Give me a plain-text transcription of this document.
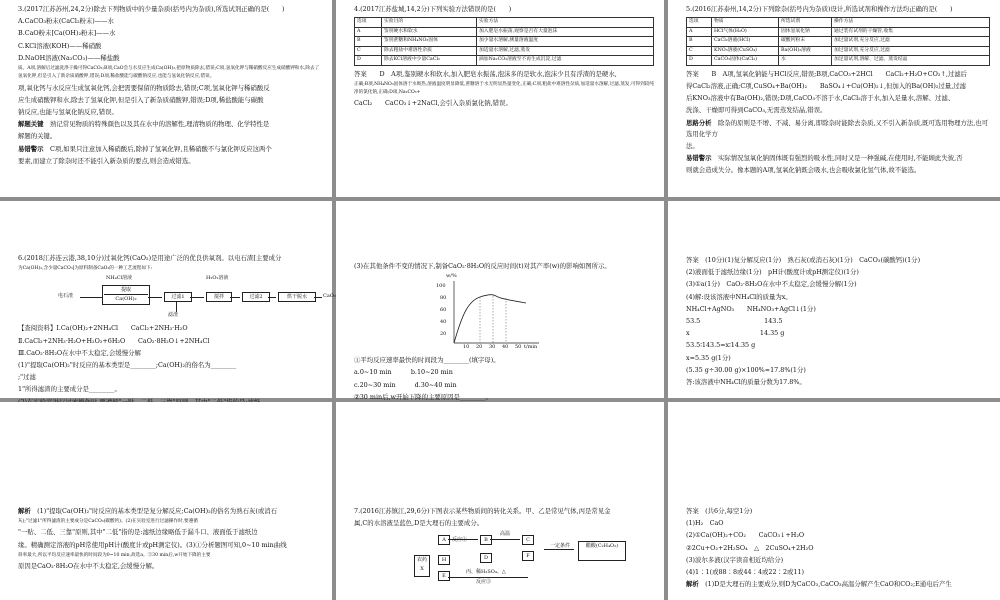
3.(2017江苏苏州,24,2分)除去下列物质中的少量杂质(括号内为杂质),所选试剂正确的是(　　)

A.CaCO₃粉末(CaCl₂粉末)——水

B.CaO粉末[Ca(OH)₂粉末]——水

C.KCl溶液(KOH)——稀硝酸

D.NaOH溶液(Na₂CO₃)——稀盐酸

质。A项,溶解后过滤洗涤干燥可得CaCO₃;B项,CaO会与水反应生成Ca(OH)₂,把原物质除去,错误;C项,氢氧化钾与稀硝酸反应生成硝酸钾和水,除去了氢氧化钾,但是引入了新杂质硝酸钾,错误;D项,稀盐酸能与碳酸钠反应,也能与氢氧化钠反应,错误。

项,氧化钙与水反应生成氢氧化钙,会把需要保留的物质除去,错误;C项,氢氧化钾与稀硝酸反

应生成硝酸钾和水,除去了氢氧化钾,但是引入了新杂质硝酸钾,错误;D项,稀盐酸能与碳酸

钠反应,也能与氢氧化钠反应,错误。

解题关键　 熟记常见物质的特殊颜色以及其在水中的溶解性,理清物质的物理、化学特性是

解题的关键。

易错警示　 C项,如果只注意加入稀硝酸后,除掉了氢氧化钾,且稀硝酸不与氯化钾反应这两个

要素,而建立了除杂时还不能引入新杂质的要点,则会造成错选。

4.(2017江苏盐城,14,2分)下列实验方法错误的是(　　)

选项	实验目的	实验方法
A	鉴别硬水和软水	加入肥皂水振荡,观察是否有大量泡沫
B	鉴别蔗糖和NH₄NO₃固体	加少量水溶解,测量溶液温度
C	除去粗盐中难溶性杂质	加适量水溶解,过滤,蒸发
D	除去KCl溶液中少量CaCl₂	滴加Na₂CO₃溶液至不再生成沉淀,过滤

答案　　D　A项,鉴别硬水和软水,加入肥皂水振荡,泡沫多的是软水,泡沫少且有浮渣的是硬水,

正确;B项,NH₄NO₃固体溶于水吸热,溶液温度明显降低,蔗糖溶于水无明显热量变化,正确;C项,粗盐中难溶性杂质,加适量水溶解,过滤,蒸发,可得到较纯净的氯化钠,正确;D项,Na₂CO₃+

CaCl₂　　CaCO₃↓+2NaCl,会引入杂质氯化钠,错误。

5.(2016江苏泰州,14,2分)下列除杂(括号内为杂质)设计,所选试剂和操作方法均正确的是(　　)

选项	物质	所选试剂	操作方法
A	HCl气体(H₂O)	固体氢氧化钠	通过装有试剂的干燥管,收集
B	CaCl₂溶液(HCl)	碳酸钙粉末	加过量试剂,充分反应,过滤
C	KNO₃溶液(CuSO₄)	Ba(OH)₂溶液	加过量试剂,充分反应,过滤
D	CaCO₃固体(CaCl₂)	水	加足量试剂,溶解、过滤、蒸发结晶

答案　　B　A项,氢氧化钠能与HCl反应,错误;B项,CaCO₃+2HCl　　CaCl₂+H₂O+CO₂↑,过滤后

得CaCl₂溶液,正确;C项,CuSO₄+Ba(OH)₂　　BaSO₄↓+Cu(OH)₂↓,但加入的Ba(OH)₂过量,过滤

后KNO₃溶液中有Ba(OH)₂,错误;D项,CaCO₃不溶于水,CaCl₂溶于水,加入足量水,溶解、过滤、

洗涤、干燥即可得到CaCO₃,无需蒸发结晶,错误。

思路分析　 除杂的原则是不增、不减、易分离,即除杂时能除去杂质,又不引入新杂质,既可选用物理方法,也可选用化学方

法。

易错警示　 实际情况氢氧化钠固体既有强烈的吸水性,同时又是一种强碱,在使用时,不能顾此失彼,否

则就会造成失分。像本题的A项,氢氧化钠既会吸水,也会吸收氯化氢气体,故不能选。

6.(2018江苏连云港,38,10分)过氧化钙(CaO₂)是用途广泛的优良供氧剂。以电石渣[主要成分

为Ca(OH)₂,含少量CaCO₃]为原料制备CaO₂的一种工艺流程如下:

电石渣
NH₄Cl溶液
提取
Ca(OH)₂	过滤1
滤渣
H₂O₂溶液
搅拌	过滤2	烘干脱水	CaO₂

【查阅资料】Ⅰ.Ca(OH)₂+2NH₄Cl　　CaCl₂+2NH₃·H₂O

Ⅱ.CaCl₂+2NH₃·H₂O+H₂O₂+6H₂O　　CaO₂·8H₂O↓+2NH₄Cl

Ⅲ.CaO₂·8H₂O在水中不太稳定,会缓慢分解

(1)"提取Ca(OH)₂"时反应的基本类型是________;Ca(OH)₂的俗名为________

;"过滤

1"所得滤渣的主要成分是________。

(3)在其他条件不变的情况下,制备CaO₂·8H₂O的反应时间(t)对其产率(w)的影响如图所示。

w/%
t/min
100
80
60
40
20
10 20 30 40 50

①平均反应速率最快的时间段为________(填字母)。

a.0~10 min　　　b.10~20 min

c.20~30 min　　　d.30~40 min

②30 min后,w开始下降的主要原因是________。

答案　(10分)(1)复分解反应(1分)　熟石灰(或消石灰)(1分)　CaCO₃(碳酸钙)(1分)

(2)液面低于滤纸边缘(1分)　pH计(酸度计或pH测定仪)(1分)

(3)①a(1分)　CaO₂·8H₂O在水中不太稳定,会缓慢分解(1分)

(4)解:设该溶液中NH₄Cl的质量为x。

NH₄Cl+AgNO₃　　NH₄NO₃+AgCl↓(1分)

53.5　　　　　　　　　　143.5

x　　　　　　　　　　　14.35 g

53.5∶143.5=x∶14.35 g

x=5.35 g(1分)

(5.35 g÷30.00 g)×100%≈17.8%(1分)

答:该溶液中NH₄Cl的质量分数为17.8%。

解析　 (1)"提取Ca(OH)₂"时反应的基本类型是复分解反应;Ca(OH)₂的俗名为熟石灰(或消石

灰);"过滤1"所得滤渣的主要成分是CaCO₃(碳酸钙)。(2)在实验室进行过滤操作时,要遵循

"一贴、二低、三靠"原则,其中"二低"指的是:滤纸边缘略低于漏斗口、液面低于滤纸边

缘。精确测定溶液的pH常使用pH计(酸度计或pH测定仪)。(3)①分析题图可知,0~10 min曲线

斜率最大,所以平均反应速率最快的时间段为0~10 min,故选a。②30 min后,w开始下降的主要

原因是CaO₂·8H₂O在水中不太稳定,会缓慢分解。

7.(2016江苏镇江,29,6分)下图表示某些物质间的转化关系。甲、乙是常见气体,丙是常见金

属,C的水溶液呈蓝色,D是大理石的主要成分。

农药X
A
H
E
反应①	B
D
高温
C
F
一定条件	醋酸(C₂H₄O₂)
丙、稀H₂SO₄、△
反应③

答案　(共6分,每空1分)

(1)H₂　CaO

(2)①Ca(OH)₂+CO₂　　CaCO₃↓+H₂O

②2Cu+O₂+2H₂SO₄　△　2CuSO₄+2H₂O

(3)波尔多液(汉字读音相近均给分)

(4)1∶1(或88∶8或44∶4或22∶2或11)

解析　 (1)D是大理石的主要成分,则D为CaCO₃,CaCO₃高温分解产生CaO和CO₂;E通电后产生
